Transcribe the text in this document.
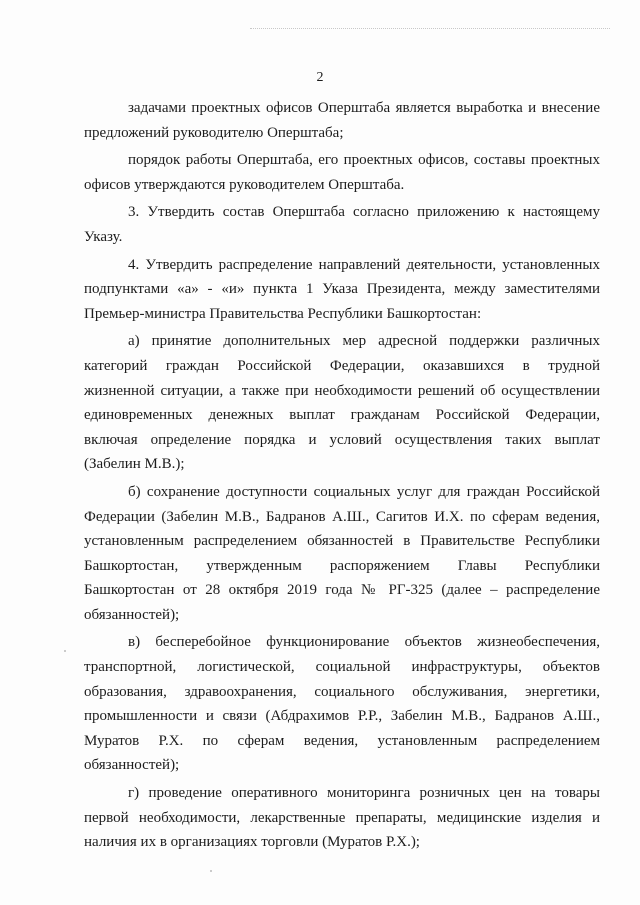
2
задачами проектных офисов Оперштаба является выработка и внесение
предложений руководителю Оперштаба;
порядок работы Оперштаба, его проектных офисов, составы проектных
офисов утверждаются руководителем Оперштаба.
3. Утвердить состав Оперштаба согласно приложению к настоящему
Указу.
4. Утвердить распределение направлений деятельности, установленных
подпунктами «а» - «и» пункта 1 Указа Президента, между заместителями
Премьер-министра Правительства Республики Башкортостан:
а) принятие дополнительных мер адресной поддержки различных
категорий граждан Российской Федерации, оказавшихся в трудной
жизненной ситуации, а также при необходимости решений об осуществлении
единовременных денежных выплат гражданам Российской Федерации,
включая определение порядка и условий осуществления таких выплат
(Забелин М.В.);
б) сохранение доступности социальных услуг для граждан Российской
Федерации (Забелин М.В., Бадранов А.Ш., Сагитов И.Х. по сферам ведения,
установленным распределением обязанностей в Правительстве Республики
Башкортостан, утвержденным распоряжением Главы Республики
Башкортостан от 28 октября 2019 года № РГ-325 (далее – распределение
обязанностей);
в) бесперебойное функционирование объектов жизнеобеспечения,
транспортной, логистической, социальной инфраструктуры, объектов
образования, здравоохранения, социального обслуживания, энергетики,
промышленности и связи (Абдрахимов Р.Р., Забелин М.В., Бадранов А.Ш.,
Муратов Р.Х. по сферам ведения, установленным распределением
обязанностей);
г) проведение оперативного мониторинга розничных цен на товары
первой необходимости, лекарственные препараты, медицинские изделия и
наличия их в организациях торговли (Муратов Р.Х.);
